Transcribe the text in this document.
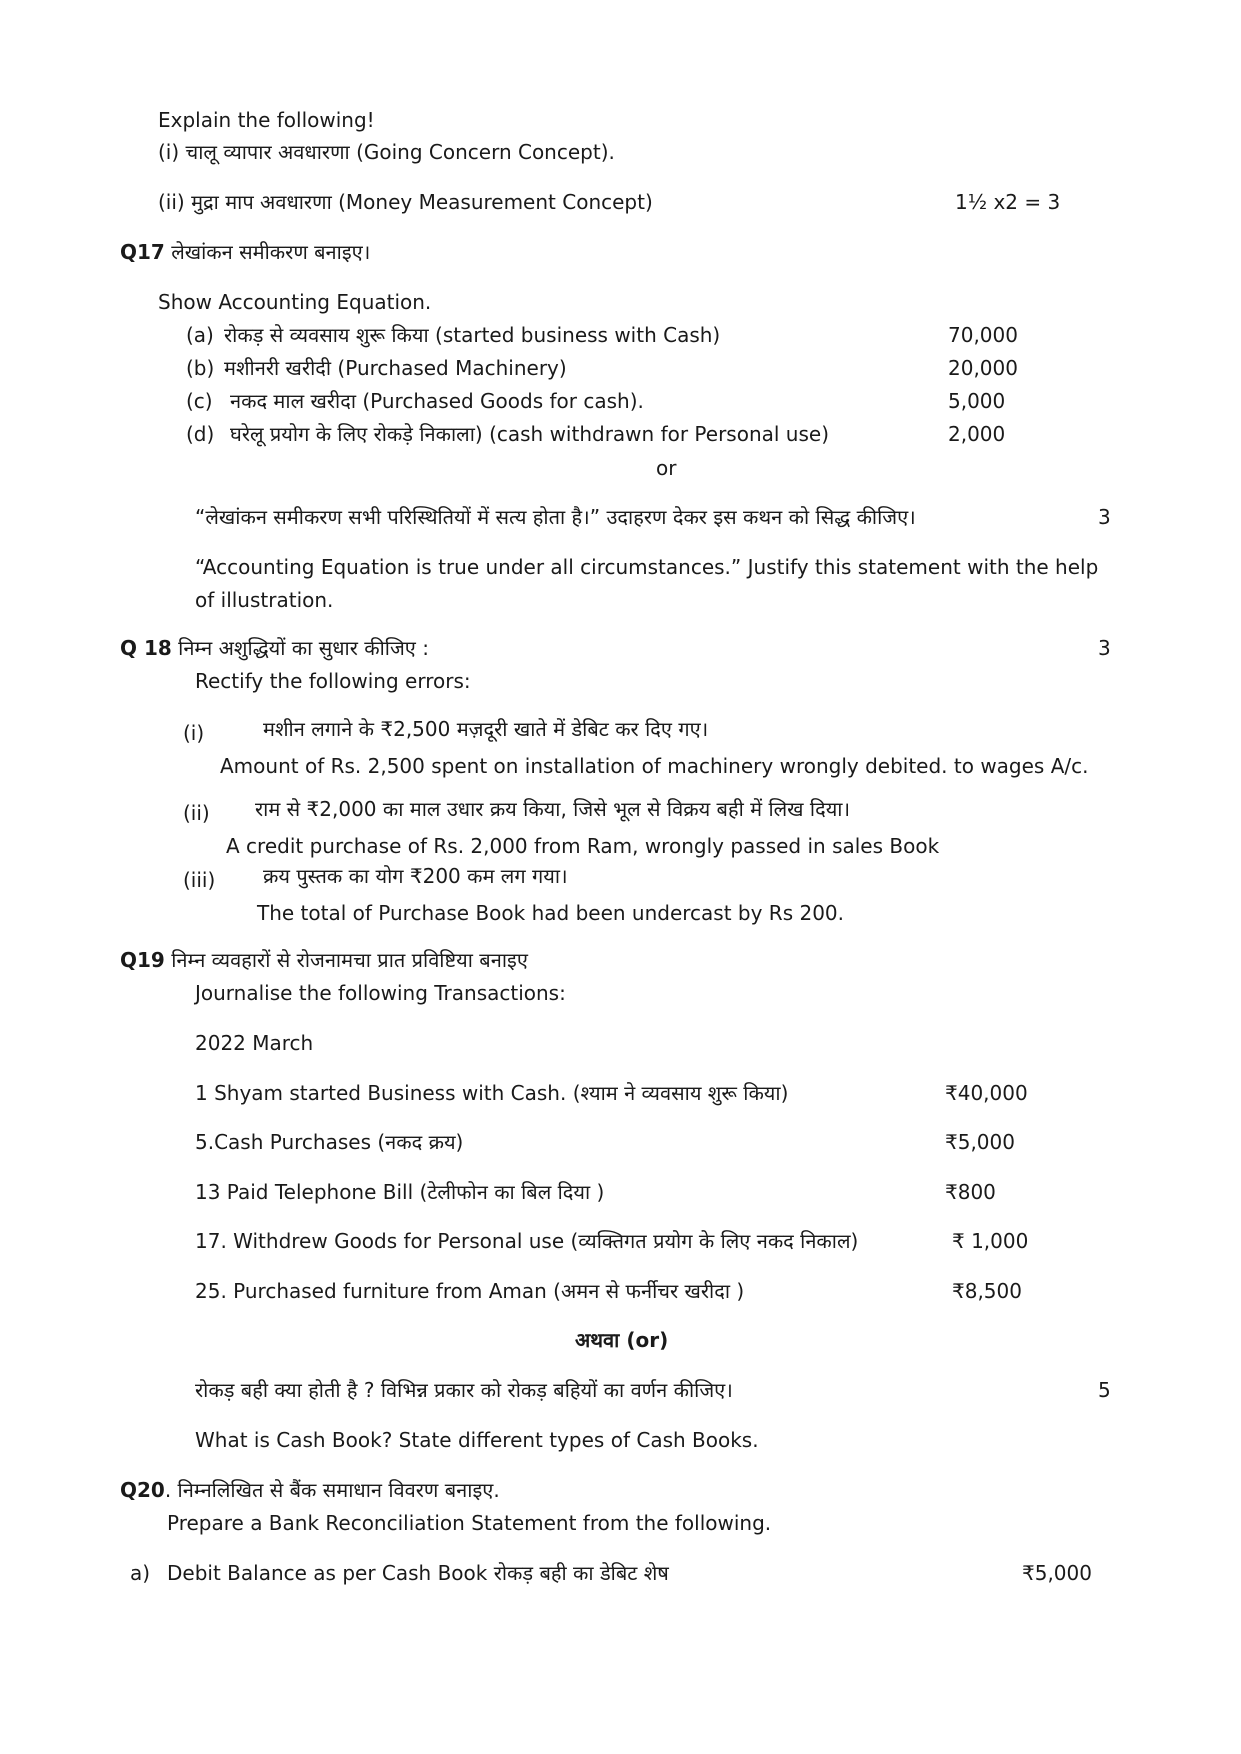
Explain the following!
(i) चालू व्यापार अवधारणा (Going Concern Concept).
(ii) मुद्रा माप अवधारणा (Money Measurement Concept)	1½ x2 = 3
Q17 लेखांकन समीकरण बनाइए।
Show Accounting Equation.
(a) रोकड़ से व्यवसाय शुरू किया (started business with Cash)	70,000
(b) मशीनरी खरीदी (Purchased Machinery)	20,000
(c) नकद माल खरीदा (Purchased Goods for cash).	5,000
(d) घरेलू प्रयोग के लिए रोकड़े निकाला) (cash withdrawn for Personal use)	2,000
or
“लेखांकन समीकरण सभी परिस्थितियों में सत्य होता है।” उदाहरण देकर इस कथन को सिद्ध कीजिए।	3
“Accounting Equation is true under all circumstances.” Justify this statement with the help
of illustration.
Q 18 निम्न अशुद्धियों का सुधार कीजिए :	3
Rectify the following errors:
(i)	मशीन लगाने के ₹2,500 मज़दूरी खाते में डेबिट कर दिए गए।
Amount of Rs. 2,500 spent on installation of machinery wrongly debited. to wages A/c.
(ii) राम से ₹2,000 का माल उधार क्रय किया, जिसे भूल से विक्रय बही में लिख दिया।
A credit purchase of Rs. 2,000 from Ram, wrongly passed in sales Book
(iii) क्रय पुस्तक का योग ₹200 कम लग गया।
The total of Purchase Book had been undercast by Rs 200.
Q19 निम्न व्यवहारों से रोजनामचा प्रात प्रविष्टिया बनाइए
Journalise the following Transactions:
2022 March
1 Shyam started Business with Cash. (श्याम ने व्यवसाय शुरू किया)	₹40,000
5.Cash Purchases (नकद क्रय)	₹5,000
13 Paid Telephone Bill (टेलीफोन का बिल दिया )	₹800
17. Withdrew Goods for Personal use (व्यक्तिगत प्रयोग के लिए नकद निकाल)	₹ 1,000
25. Purchased furniture from Aman (अमन से फर्नीचर खरीदा )	₹8,500
अथवा (or)
रोकड़ बही क्या होती है ? विभिन्न प्रकार को रोकड़ बहियों का वर्णन कीजिए।	5
What is Cash Book? State different types of Cash Books.
Q20. निम्नलिखित से बैंक समाधान विवरण बनाइए.
Prepare a Bank Reconciliation Statement from the following.
a) Debit Balance as per Cash Book रोकड़ बही का डेबिट शेष	₹5,000
